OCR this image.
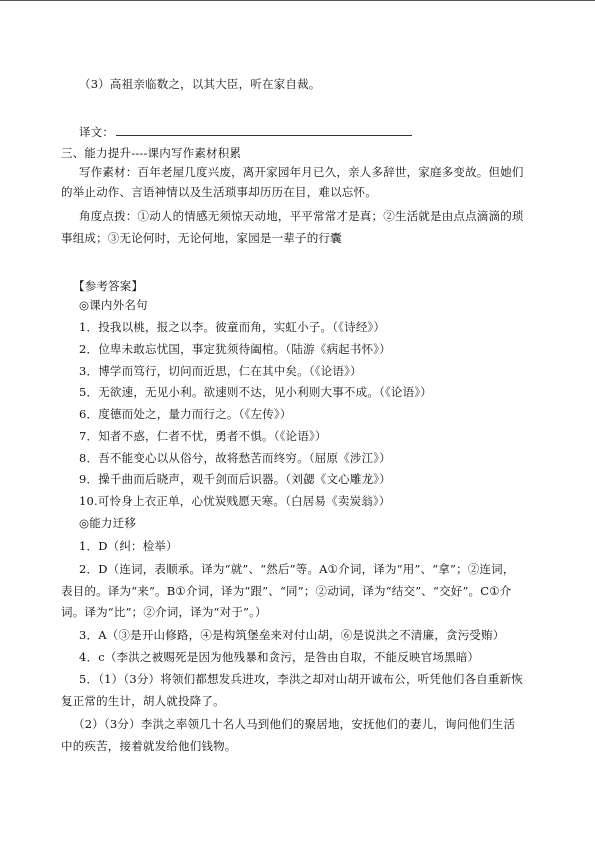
（3）高祖亲临数之，以其大臣，听在家自裁。
译文：
三、能力提升----课内写作素材积累
写作素材：百年老屋几度兴废，离开家园年月已久，亲人多辞世，家庭多变故。但她们
的举止动作、言语神情以及生活琐事却历历在目，难以忘怀。
角度点拨：①动人的情感无须惊天动地，平平常常才是真；②生活就是由点点滴滴的琐
事组成；③无论何时，无论何地，家园是一辈子的行囊
【参考答案】
◎课内外名句
1．投我以桃，报之以李。彼童而角，实虹小子。（《诗经》）
2．位卑未敢忘忧国，事定犹须待阖棺。（陆游《病起书怀》）
3．博学而笃行，切问而近思，仁在其中矣。（《论语》）
5．无欲速，无见小利。欲速则不达，见小利则大事不成。（《论语》）
6．度德而处之，量力而行之。（《左传》）
7．知者不惑，仁者不忧，勇者不惧。（《论语》）
8．吾不能变心以从俗兮，故将愁苦而终穷。（屈原《涉江》）
9．操千曲而后晓声，观千剑而后识器。（刘勰《文心雕龙》）
10.可怜身上衣正单，心忧炭贱愿天寒。（白居易《卖炭翁》）
◎能力迁移
1．D（纠：检举）
2．D（连词，表顺承。译为“就”、“然后”等。A①介词，译为“用”、“拿”；②连词，
表目的。译为“来”。B①介词，译为“跟”、“同”；②动词，译为“结交”、“交好”。C①介
词。译为“比”；②介词，译为“对于”。）
3．A（③是开山修路，④是构筑堡垒来对付山胡，⑥是说洪之不清廉，贪污受贿）
4．c（李洪之被赐死是因为他残暴和贪污，是咎由自取，不能反映官场黑暗）
5．（1）（3分）将领们都想发兵进攻，李洪之却对山胡开诚布公，听凭他们各自重新恢
复正常的生计，胡人就投降了。
（2）（3分）李洪之率领几十名人马到他们的聚居地，安抚他们的妻儿，询问他们生活
中的疾苦，接着就发给他们钱物。
